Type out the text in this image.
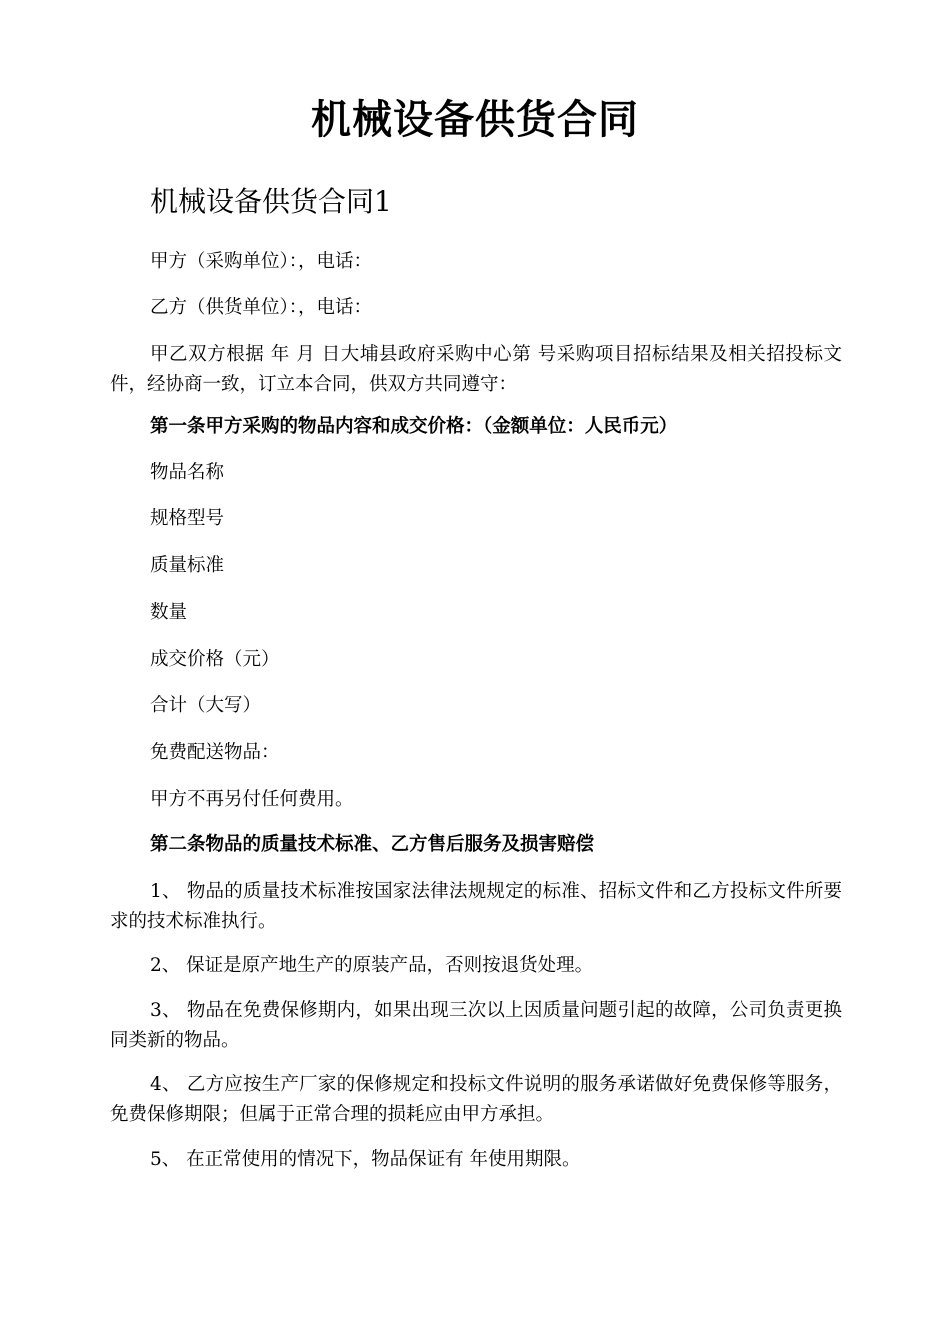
机械设备供货合同
机械设备供货合同1

甲方（采购单位）：，电话：

乙方（供货单位）：，电话：

甲乙双方根据 年 月 日大埔县政府采购中心第 号采购项目招标结果及相关招投标文件，经协商一致，订立本合同，供双方共同遵守：

第一条甲方采购的物品内容和成交价格：（金额单位：人民币元）

物品名称

规格型号

质量标准

数量

成交价格（元）

合计（大写）

免费配送物品：

甲方不再另付任何费用。

第二条物品的质量技术标准、乙方售后服务及损害赔偿

1、 物品的质量技术标准按国家法律法规规定的标准、招标文件和乙方投标文件所要求的技术标准执行。

2、 保证是原产地生产的原装产品，否则按退货处理。

3、 物品在免费保修期内，如果出现三次以上因质量问题引起的故障，公司负责更换同类新的物品。

4、 乙方应按生产厂家的保修规定和投标文件说明的服务承诺做好免费保修等服务，免费保修期限；但属于正常合理的损耗应由甲方承担。

5、 在正常使用的情况下，物品保证有 年使用期限。
